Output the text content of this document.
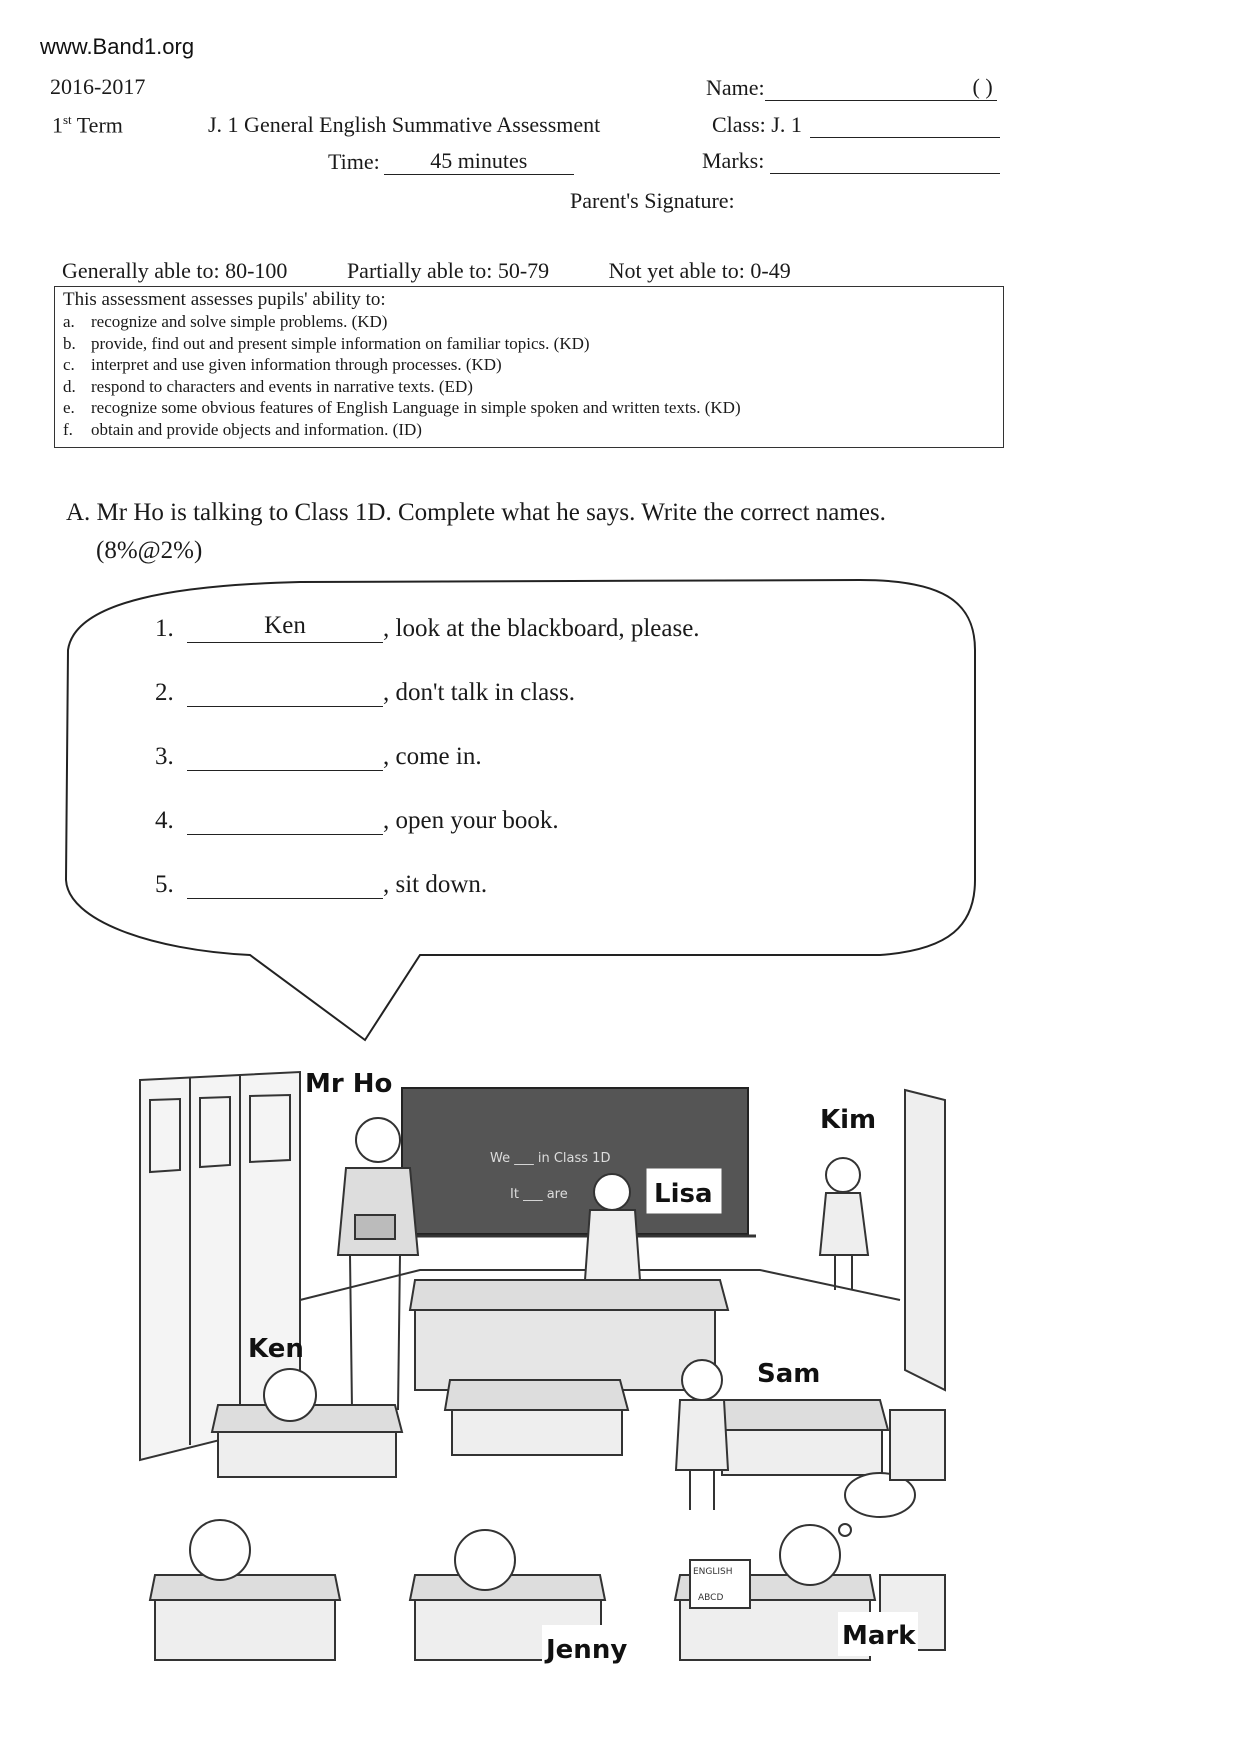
www.Band1.org
2016-2017
1st Term	J. 1 General English Summative Assessment
Time: 45 minutes
Name:	( )
Class: J. 1
Marks:
Parent's Signature:
Generally able to: 80-100	Partially able to: 50-79	Not yet able to: 0-49
This assessment assesses pupils' ability to:
a. recognize and solve simple problems. (KD)
b. provide, find out and present simple information on familiar topics. (KD)
c. interpret and use given information through processes. (KD)
d. respond to characters and events in narrative texts. (ED)
e. recognize some obvious features of English Language in simple spoken and written texts. (KD)
f. obtain and provide objects and information. (ID)
A. Mr Ho is talking to Class 1D. Complete what he says. Write the correct names.
(8%@2%)
1.	Ken	, look at the blackboard, please.
2.	, don't talk in class.
3.	, come in.
4.	, open your book.
5.	, sit down.
We ___ in Class 1D
It ___ are
ENGLISH
ABCD
Mr Ho
Kim
Lisa
Ken
Sam
Jenny	Mark
